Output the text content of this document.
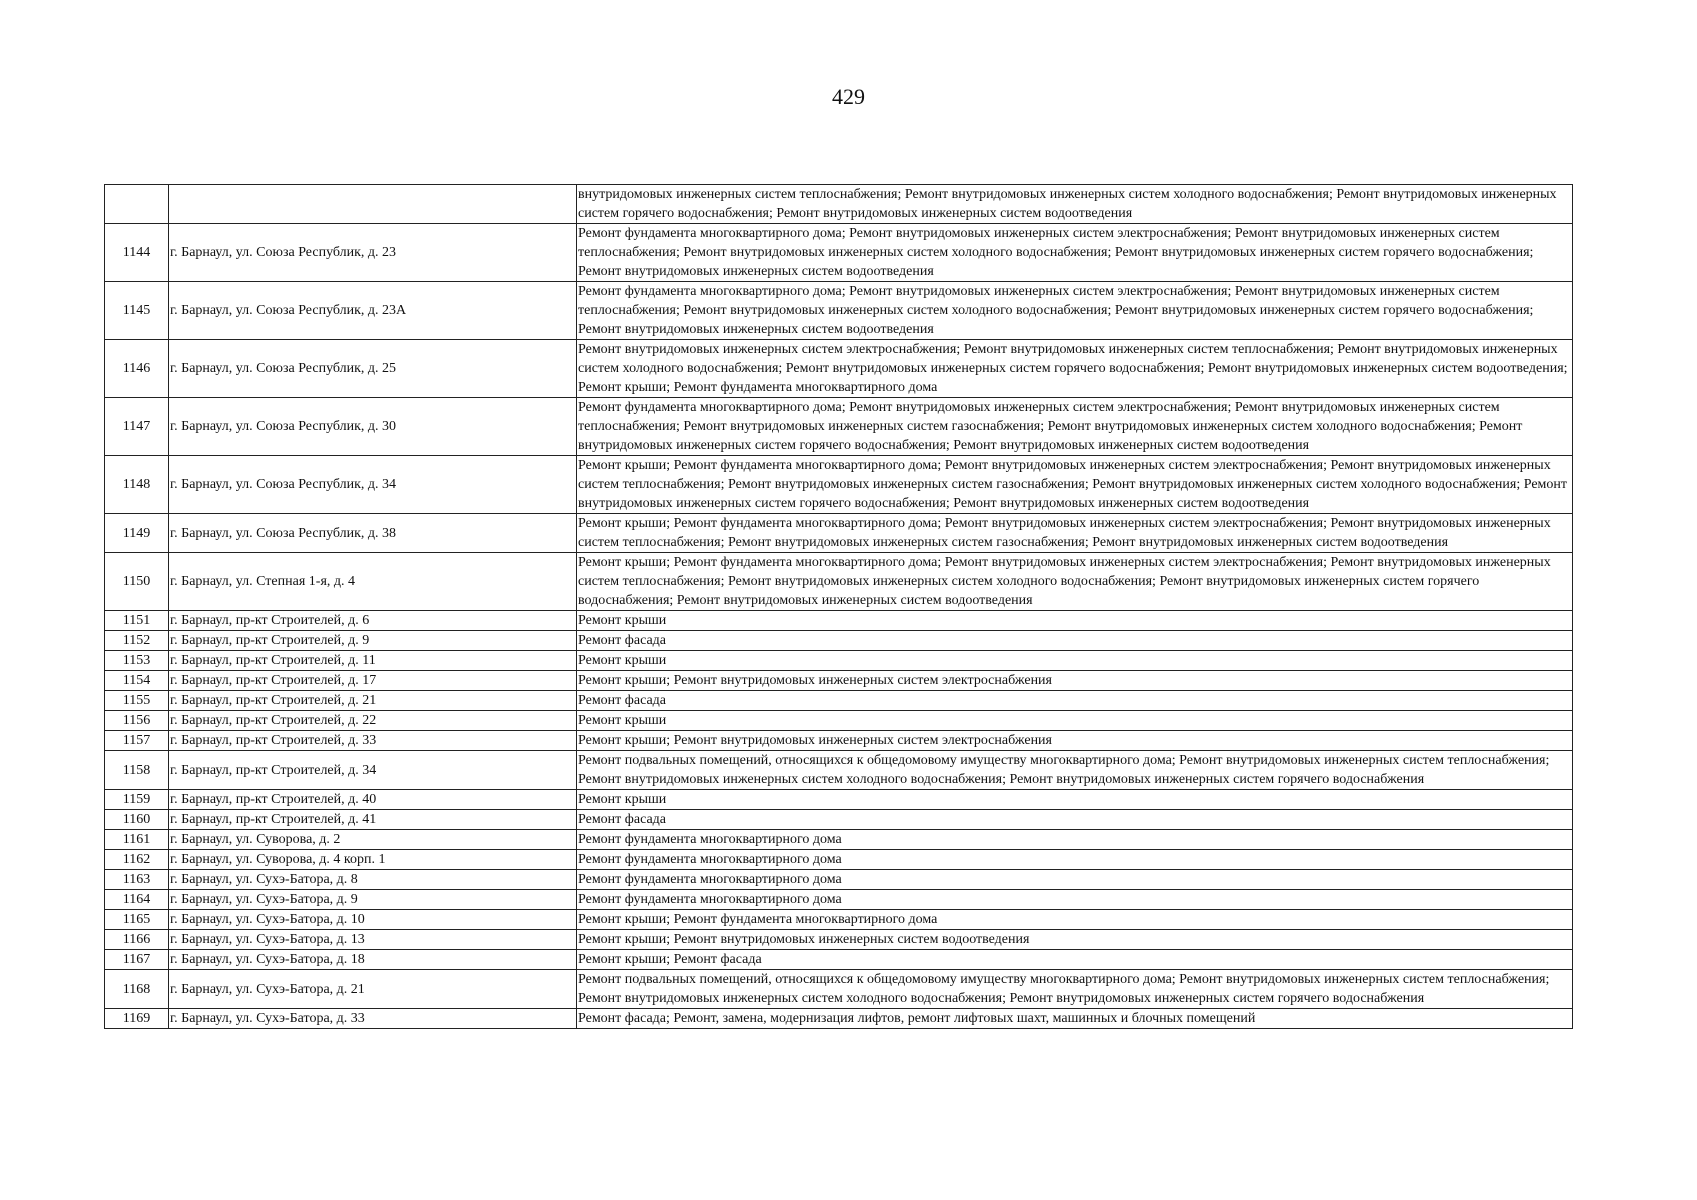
429
		внутридомовых инженерных систем теплоснабжения; Ремонт внутридомовых инженерных систем холодного водоснабжения; Ремонт внутридомовых инженерных систем горячего водоснабжения; Ремонт внутридомовых инженерных систем водоотведения
1144	г. Барнаул, ул. Союза Республик, д. 23	Ремонт фундамента многоквартирного дома; Ремонт внутридомовых инженерных систем электроснабжения; Ремонт внутридомовых инженерных систем теплоснабжения; Ремонт внутридомовых инженерных систем холодного водоснабжения; Ремонт внутридомовых инженерных систем горячего водоснабжения; Ремонт внутридомовых инженерных систем водоотведения
1145	г. Барнаул, ул. Союза Республик, д. 23А	Ремонт фундамента многоквартирного дома; Ремонт внутридомовых инженерных систем электроснабжения; Ремонт внутридомовых инженерных систем теплоснабжения; Ремонт внутридомовых инженерных систем холодного водоснабжения; Ремонт внутридомовых инженерных систем горячего водоснабжения; Ремонт внутридомовых инженерных систем водоотведения
1146	г. Барнаул, ул. Союза Республик, д. 25	Ремонт внутридомовых инженерных систем электроснабжения; Ремонт внутридомовых инженерных систем теплоснабжения; Ремонт внутридомовых инженерных систем холодного водоснабжения; Ремонт внутридомовых инженерных систем горячего водоснабжения; Ремонт внутридомовых инженерных систем водоотведения; Ремонт крыши; Ремонт фундамента многоквартирного дома
1147	г. Барнаул, ул. Союза Республик, д. 30	Ремонт фундамента многоквартирного дома; Ремонт внутридомовых инженерных систем электроснабжения; Ремонт внутридомовых инженерных систем теплоснабжения; Ремонт внутридомовых инженерных систем газоснабжения; Ремонт внутридомовых инженерных систем холодного водоснабжения; Ремонт внутридомовых инженерных систем горячего водоснабжения; Ремонт внутридомовых инженерных систем водоотведения
1148	г. Барнаул, ул. Союза Республик, д. 34	Ремонт крыши; Ремонт фундамента многоквартирного дома; Ремонт внутридомовых инженерных систем электроснабжения; Ремонт внутридомовых инженерных систем теплоснабжения; Ремонт внутридомовых инженерных систем газоснабжения; Ремонт внутридомовых инженерных систем холодного водоснабжения; Ремонт внутридомовых инженерных систем горячего водоснабжения; Ремонт внутридомовых инженерных систем водоотведения
1149	г. Барнаул, ул. Союза Республик, д. 38	Ремонт крыши; Ремонт фундамента многоквартирного дома; Ремонт внутридомовых инженерных систем электроснабжения; Ремонт внутридомовых инженерных систем теплоснабжения; Ремонт внутридомовых инженерных систем газоснабжения; Ремонт внутридомовых инженерных систем водоотведения
1150	г. Барнаул, ул. Степная 1-я, д. 4	Ремонт крыши; Ремонт фундамента многоквартирного дома; Ремонт внутридомовых инженерных систем электроснабжения; Ремонт внутридомовых инженерных систем теплоснабжения; Ремонт внутридомовых инженерных систем холодного водоснабжения; Ремонт внутридомовых инженерных систем горячего водоснабжения; Ремонт внутридомовых инженерных систем водоотведения
1151	г. Барнаул, пр-кт Строителей, д. 6	Ремонт крыши
1152	г. Барнаул, пр-кт Строителей, д. 9	Ремонт фасада
1153	г. Барнаул, пр-кт Строителей, д. 11	Ремонт крыши
1154	г. Барнаул, пр-кт Строителей, д. 17	Ремонт крыши; Ремонт внутридомовых инженерных систем электроснабжения
1155	г. Барнаул, пр-кт Строителей, д. 21	Ремонт фасада
1156	г. Барнаул, пр-кт Строителей, д. 22	Ремонт крыши
1157	г. Барнаул, пр-кт Строителей, д. 33	Ремонт крыши; Ремонт внутридомовых инженерных систем электроснабжения
1158	г. Барнаул, пр-кт Строителей, д. 34	Ремонт подвальных помещений, относящихся к общедомовому имуществу многоквартирного дома; Ремонт внутридомовых инженерных систем теплоснабжения; Ремонт внутридомовых инженерных систем холодного водоснабжения; Ремонт внутридомовых инженерных систем горячего водоснабжения
1159	г. Барнаул, пр-кт Строителей, д. 40	Ремонт крыши
1160	г. Барнаул, пр-кт Строителей, д. 41	Ремонт фасада
1161	г. Барнаул, ул. Суворова, д. 2	Ремонт фундамента многоквартирного дома
1162	г. Барнаул, ул. Суворова, д. 4 корп. 1	Ремонт фундамента многоквартирного дома
1163	г. Барнаул, ул. Сухэ-Батора, д. 8	Ремонт фундамента многоквартирного дома
1164	г. Барнаул, ул. Сухэ-Батора, д. 9	Ремонт фундамента многоквартирного дома
1165	г. Барнаул, ул. Сухэ-Батора, д. 10	Ремонт крыши; Ремонт фундамента многоквартирного дома
1166	г. Барнаул, ул. Сухэ-Батора, д. 13	Ремонт крыши; Ремонт внутридомовых инженерных систем водоотведения
1167	г. Барнаул, ул. Сухэ-Батора, д. 18	Ремонт крыши; Ремонт фасада
1168	г. Барнаул, ул. Сухэ-Батора, д. 21	Ремонт подвальных помещений, относящихся к общедомовому имуществу многоквартирного дома; Ремонт внутридомовых инженерных систем теплоснабжения; Ремонт внутридомовых инженерных систем холодного водоснабжения; Ремонт внутридомовых инженерных систем горячего водоснабжения
1169	г. Барнаул, ул. Сухэ-Батора, д. 33	Ремонт фасада; Ремонт, замена, модернизация лифтов, ремонт лифтовых шахт, машинных и блочных помещений
